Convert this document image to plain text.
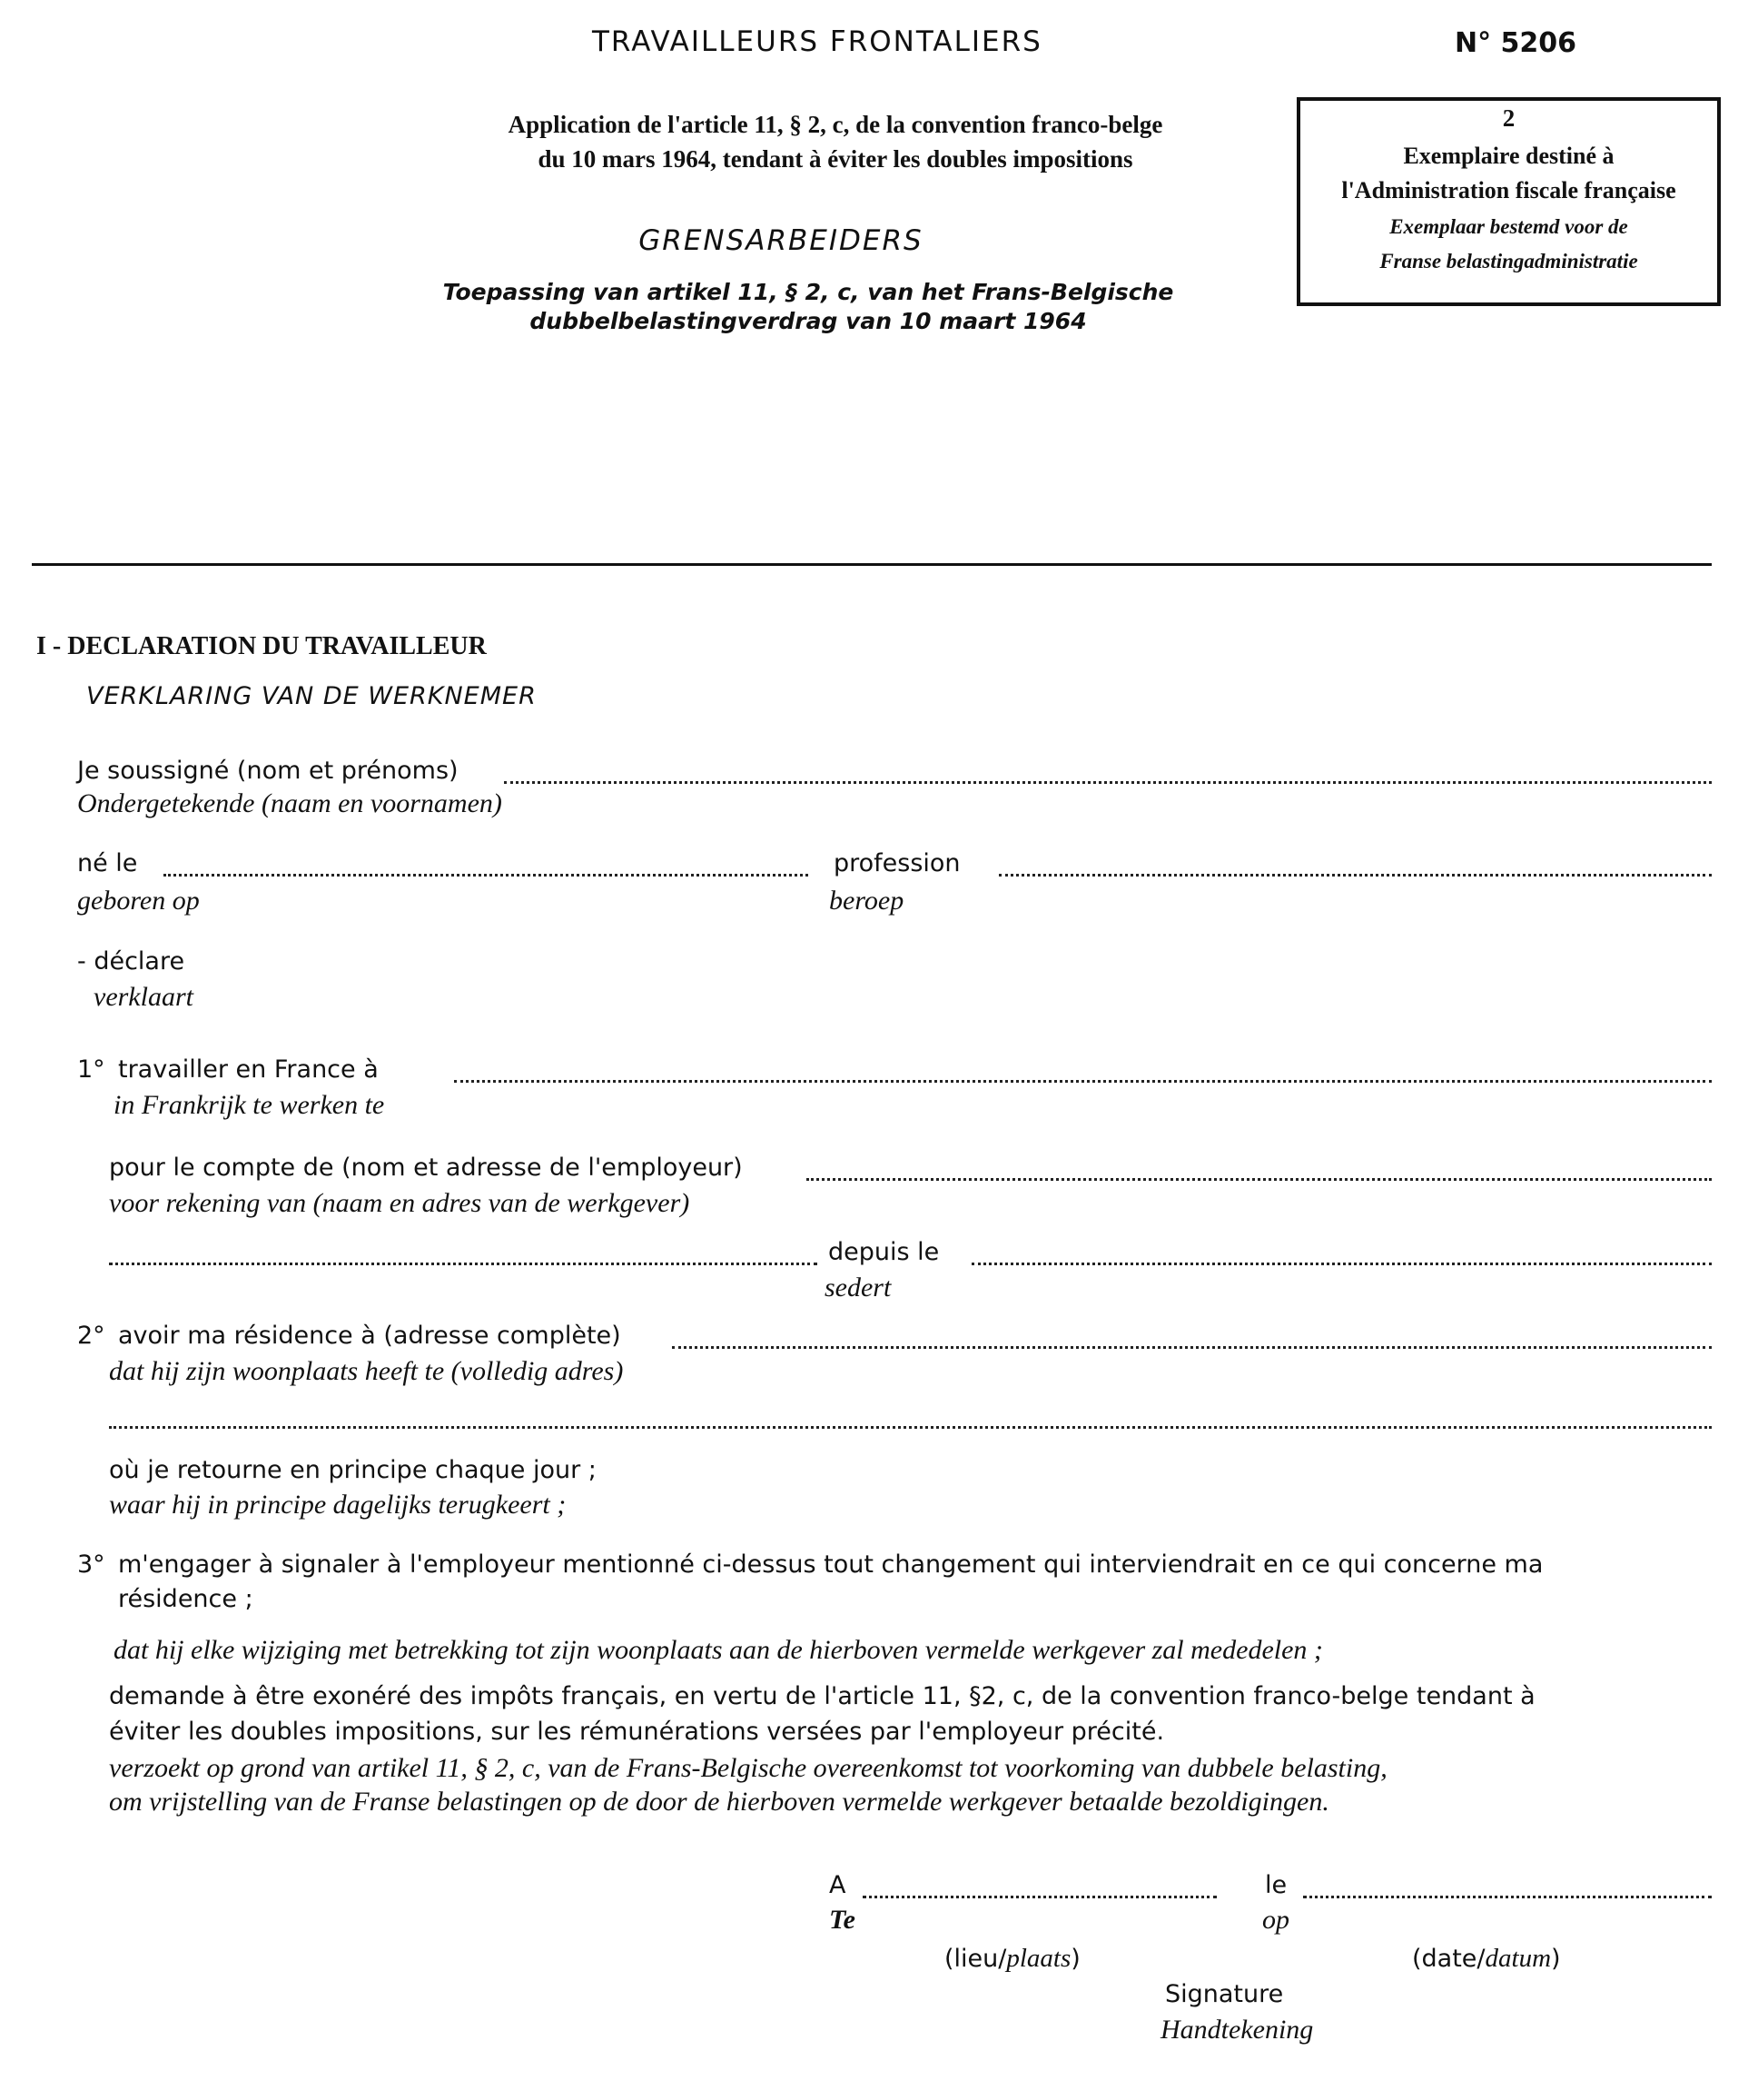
TRAVAILLEURS FRONTALIERS	N° 5206
Application de l'article 11, § 2, c, de la convention franco-belge
du 10 mars 1964, tendant à éviter les doubles impositions
GRENSARBEIDERS
Toepassing van artikel 11, § 2, c, van het Frans-Belgische
dubbelbelastingverdrag van 10 maart 1964
2
Exemplaire destiné à
l'Administration fiscale française
Exemplaar bestemd voor de
Franse belastingadministratie
I - DECLARATION DU TRAVAILLEUR
VERKLARING VAN DE WERKNEMER
Je soussigné (nom et prénoms)
Ondergetekende (naam en voornamen)
né le	profession
geboren op	beroep
- déclare
verklaart
1° travailler en France à
in Frankrijk te werken te
pour le compte de (nom et adresse de l'employeur)
voor rekening van (naam en adres van de werkgever)
depuis le
sedert
2° avoir ma résidence à (adresse complète)
dat hij zijn woonplaats heeft te (volledig adres)
où je retourne en principe chaque jour ;
waar hij in principe dagelijks terugkeert ;
3° m'engager à signaler à l'employeur mentionné ci-dessus tout changement qui interviendrait en ce qui concerne ma
résidence ;
dat hij elke wijziging met betrekking tot zijn woonplaats aan de hierboven vermelde werkgever zal mededelen ;
demande à être exonéré des impôts français, en vertu de l'article 11, §2, c, de la convention franco-belge tendant à
éviter les doubles impositions, sur les rémunérations versées par l'employeur précité.
verzoekt op grond van artikel 11, § 2, c, van de Frans-Belgische overeenkomst tot voorkoming van dubbele belasting,
om vrijstelling van de Franse belastingen op de door de hierboven vermelde werkgever betaalde bezoldigingen.
A	le
Te	op
(lieu/plaats)	(date/datum)
Signature
Handtekening
